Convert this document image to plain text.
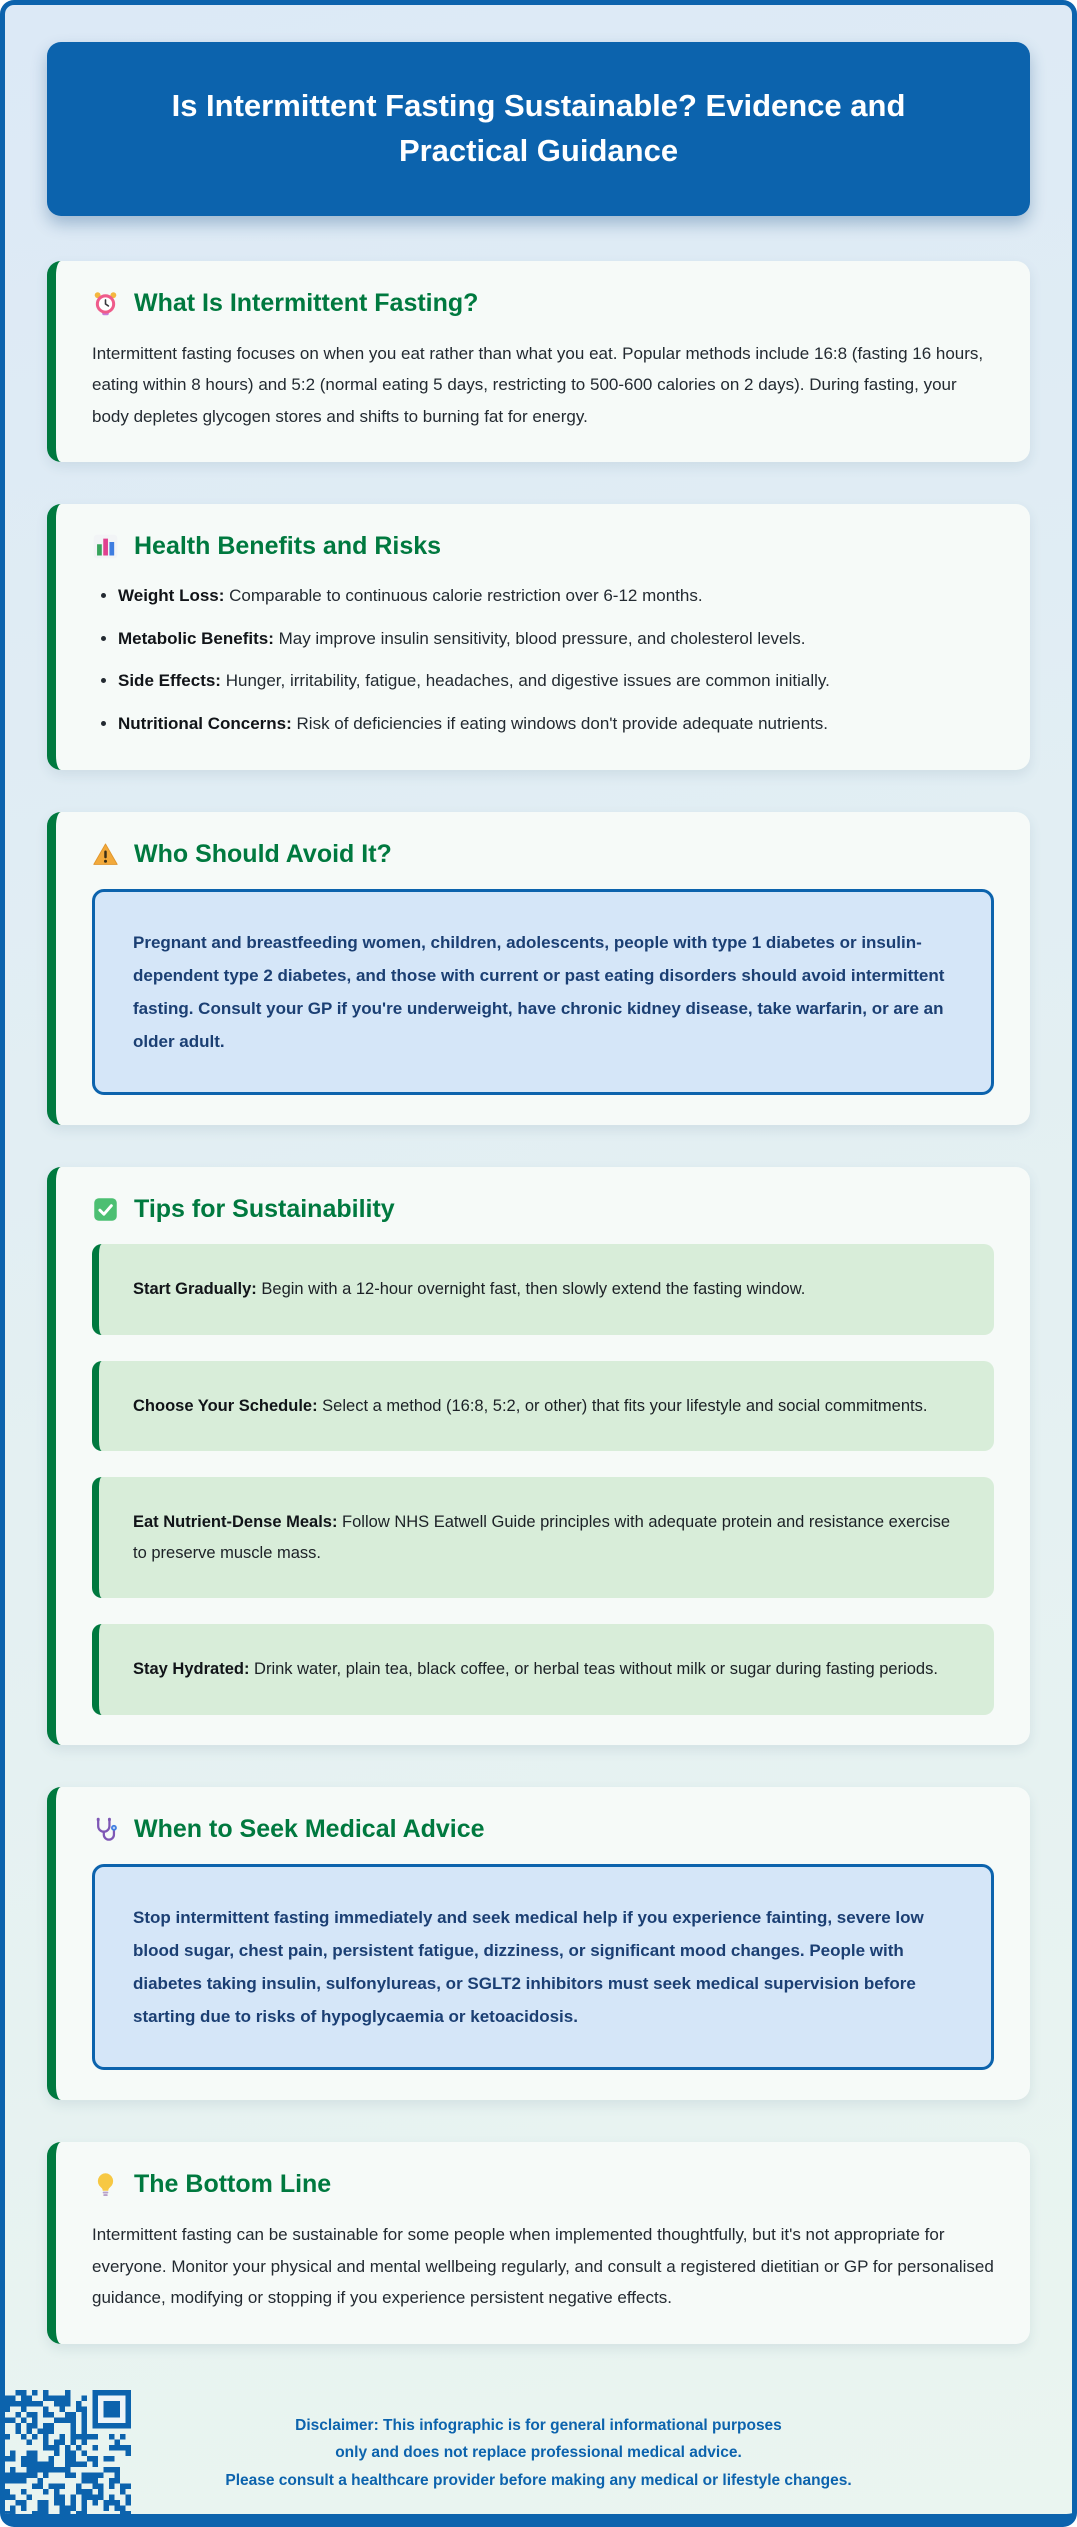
Is Intermittent Fasting Sustainable? Evidence and Practical Guidance
What Is Intermittent Fasting?

Intermittent fasting focuses on when you eat rather than what you eat. Popular methods include 16:8 (fasting 16 hours, eating within 8 hours) and 5:2 (normal eating 5 days, restricting to 500-600 calories on 2 days). During fasting, your body depletes glycogen stores and shifts to burning fat for energy.

Health Benefits and Risks
• Weight Loss: Comparable to continuous calorie restriction over 6-12 months.
• Metabolic Benefits: May improve insulin sensitivity, blood pressure, and cholesterol levels.
• Side Effects: Hunger, irritability, fatigue, headaches, and digestive issues are common initially.
• Nutritional Concerns: Risk of deficiencies if eating windows don't provide adequate nutrients.
Who Should Avoid It?
Pregnant and breastfeeding women, children, adolescents, people with type 1 diabetes or insulin-dependent type 2 diabetes, and those with current or past eating disorders should avoid intermittent fasting. Consult your GP if you're underweight, have chronic kidney disease, take warfarin, or are an older adult.
Tips for Sustainability
Start Gradually: Begin with a 12-hour overnight fast, then slowly extend the fasting window.
Choose Your Schedule: Select a method (16:8, 5:2, or other) that fits your lifestyle and social commitments.
Eat Nutrient-Dense Meals: Follow NHS Eatwell Guide principles with adequate protein and resistance exercise to preserve muscle mass.
Stay Hydrated: Drink water, plain tea, black coffee, or herbal teas without milk or sugar during fasting periods.
When to Seek Medical Advice
Stop intermittent fasting immediately and seek medical help if you experience fainting, severe low blood sugar, chest pain, persistent fatigue, dizziness, or significant mood changes. People with diabetes taking insulin, sulfonylureas, or SGLT2 inhibitors must seek medical supervision before starting due to risks of hypoglycaemia or ketoacidosis.
The Bottom Line

Intermittent fasting can be sustainable for some people when implemented thoughtfully, but it's not appropriate for everyone. Monitor your physical and mental wellbeing regularly, and consult a registered dietitian or GP for personalised guidance, modifying or stopping if you experience persistent negative effects.

Disclaimer: This infographic is for general informational purposes
only and does not replace professional medical advice.
Please consult a healthcare provider before making any medical or lifestyle changes.
